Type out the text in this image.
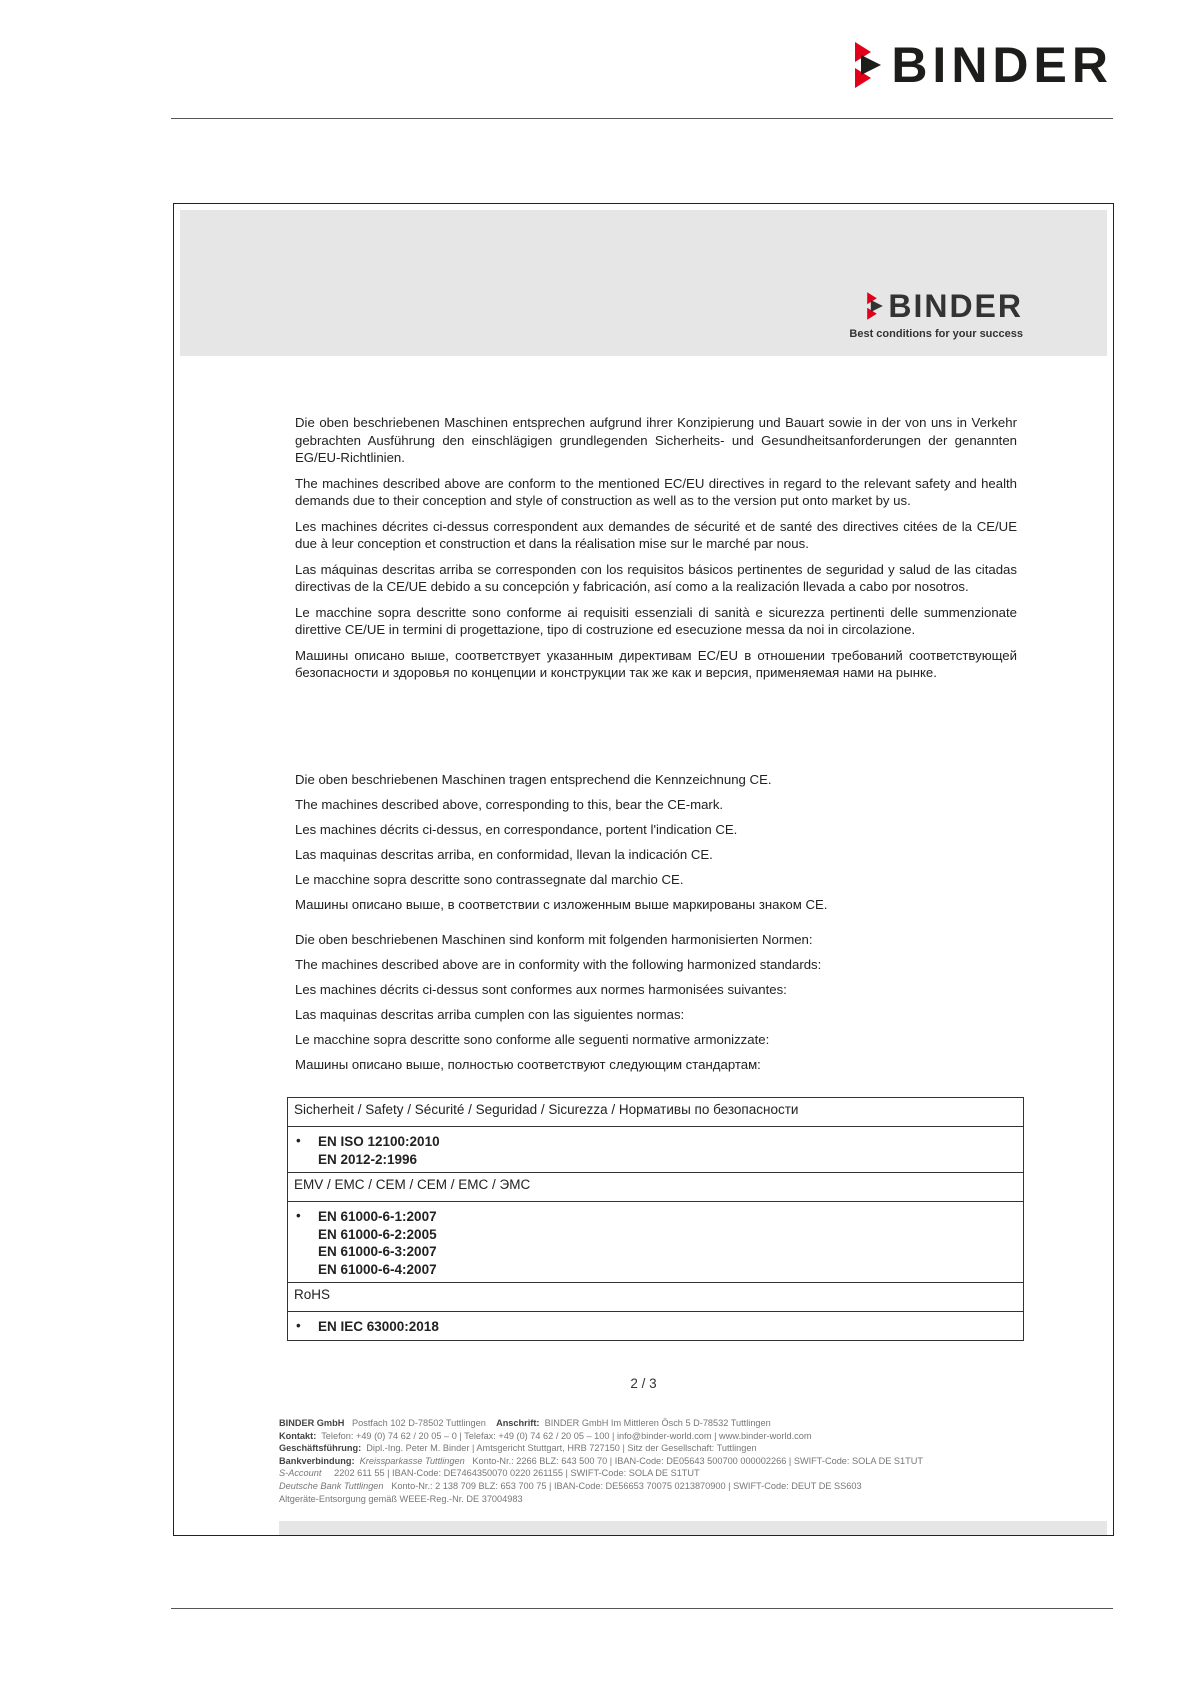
BINDER
BINDER
Best conditions for your success

Die oben beschriebenen Maschinen entsprechen aufgrund ihrer Konzipierung und Bauart sowie in der von uns in Verkehr gebrachten Ausführung den einschlägigen grundlegenden Sicherheits- und Gesundheitsanforderungen der genannten EG/EU-Richtlinien.

The machines described above are conform to the mentioned EC/EU directives in regard to the relevant safety and health demands due to their conception and style of construction as well as to the version put onto market by us.

Les machines décrites ci-dessus correspondent aux demandes de sécurité et de santé des directives citées de la CE/UE due à leur conception et construction et dans la réalisation mise sur le marché par nous.

Las máquinas descritas arriba se corresponden con los requisitos básicos pertinentes de seguridad y salud de las citadas directivas de la CE/UE debido a su concepción y fabricación, así como a la realización llevada a cabo por nosotros.

Le macchine sopra descritte sono conforme ai requisiti essenziali di sanità e sicurezza pertinenti delle summenzionate direttive CE/UE in termini di progettazione, tipo di costruzione ed esecuzione messa da noi in circolazione.

Машины описано выше, соответствует указанным директивам EC/EU в отношении требований соответствующей безопасности и здоровья по концепции и конструкции так же как и версия, применяемая нами на рынке.

Die oben beschriebenen Maschinen tragen entsprechend die Kennzeichnung CE.

The machines described above, corresponding to this, bear the CE-mark.

Les machines décrits ci-dessus, en correspondance, portent l'indication CE.

Las maquinas descritas arriba, en conformidad, llevan la indicación CE.

Le macchine sopra descritte sono contrassegnate dal marchio CE.

Машины описано выше, в соответствии с изложенным выше маркированы знаком CE.

Die oben beschriebenen Maschinen sind konform mit folgenden harmonisierten Normen:

The machines described above are in conformity with the following harmonized standards:

Les machines décrits ci-dessus sont conformes aux normes harmonisées suivantes:

Las maquinas descritas arriba cumplen con las siguientes normas:

Le macchine sopra descritte sono conforme alle seguenti normative armonizzate:

Машины описано выше, полностью соответствуют следующим стандартам:

Sicherheit / Safety / Sécurité / Seguridad / Sicurezza / Нормативы по безопасности

•	EN ISO 12100:2010
EN 2012-2:1996

EMV / EMC / CEM / CEM / EMC / ЭМС

•	EN 61000-6-1:2007
EN 61000-6-2:2005
EN 61000-6-3:2007
EN 61000-6-4:2007

RoHS

•	EN IEC 63000:2018
2 / 3
BINDER GmbH Postfach 102 D-78502 Tuttlingen Anschrift: BINDER GmbH Im Mittleren Ösch 5 D-78532 Tuttlingen
Kontakt: Telefon: +49 (0) 74 62 / 20 05 – 0 | Telefax: +49 (0) 74 62 / 20 05 – 100 | info@binder-world.com | www.binder-world.com
Geschäftsführung: Dipl.-Ing. Peter M. Binder | Amtsgericht Stuttgart, HRB 727150 | Sitz der Gesellschaft: Tuttlingen
Bankverbindung: Kreissparkasse Tuttlingen Konto-Nr.: 2266 BLZ: 643 500 70 | IBAN-Code: DE05643 500700 000002266 | SWIFT-Code: SOLA DE S1TUT
S-Account 2202 611 55 | IBAN-Code: DE7464350070 0220 261155 | SWIFT-Code: SOLA DE S1TUT
Deutsche Bank Tuttlingen Konto-Nr.: 2 138 709 BLZ: 653 700 75 | IBAN-Code: DE56653 70075 0213870900 | SWIFT-Code: DEUT DE SS603
Altgeräte-Entsorgung gemäß WEEE-Reg.-Nr. DE 37004983
